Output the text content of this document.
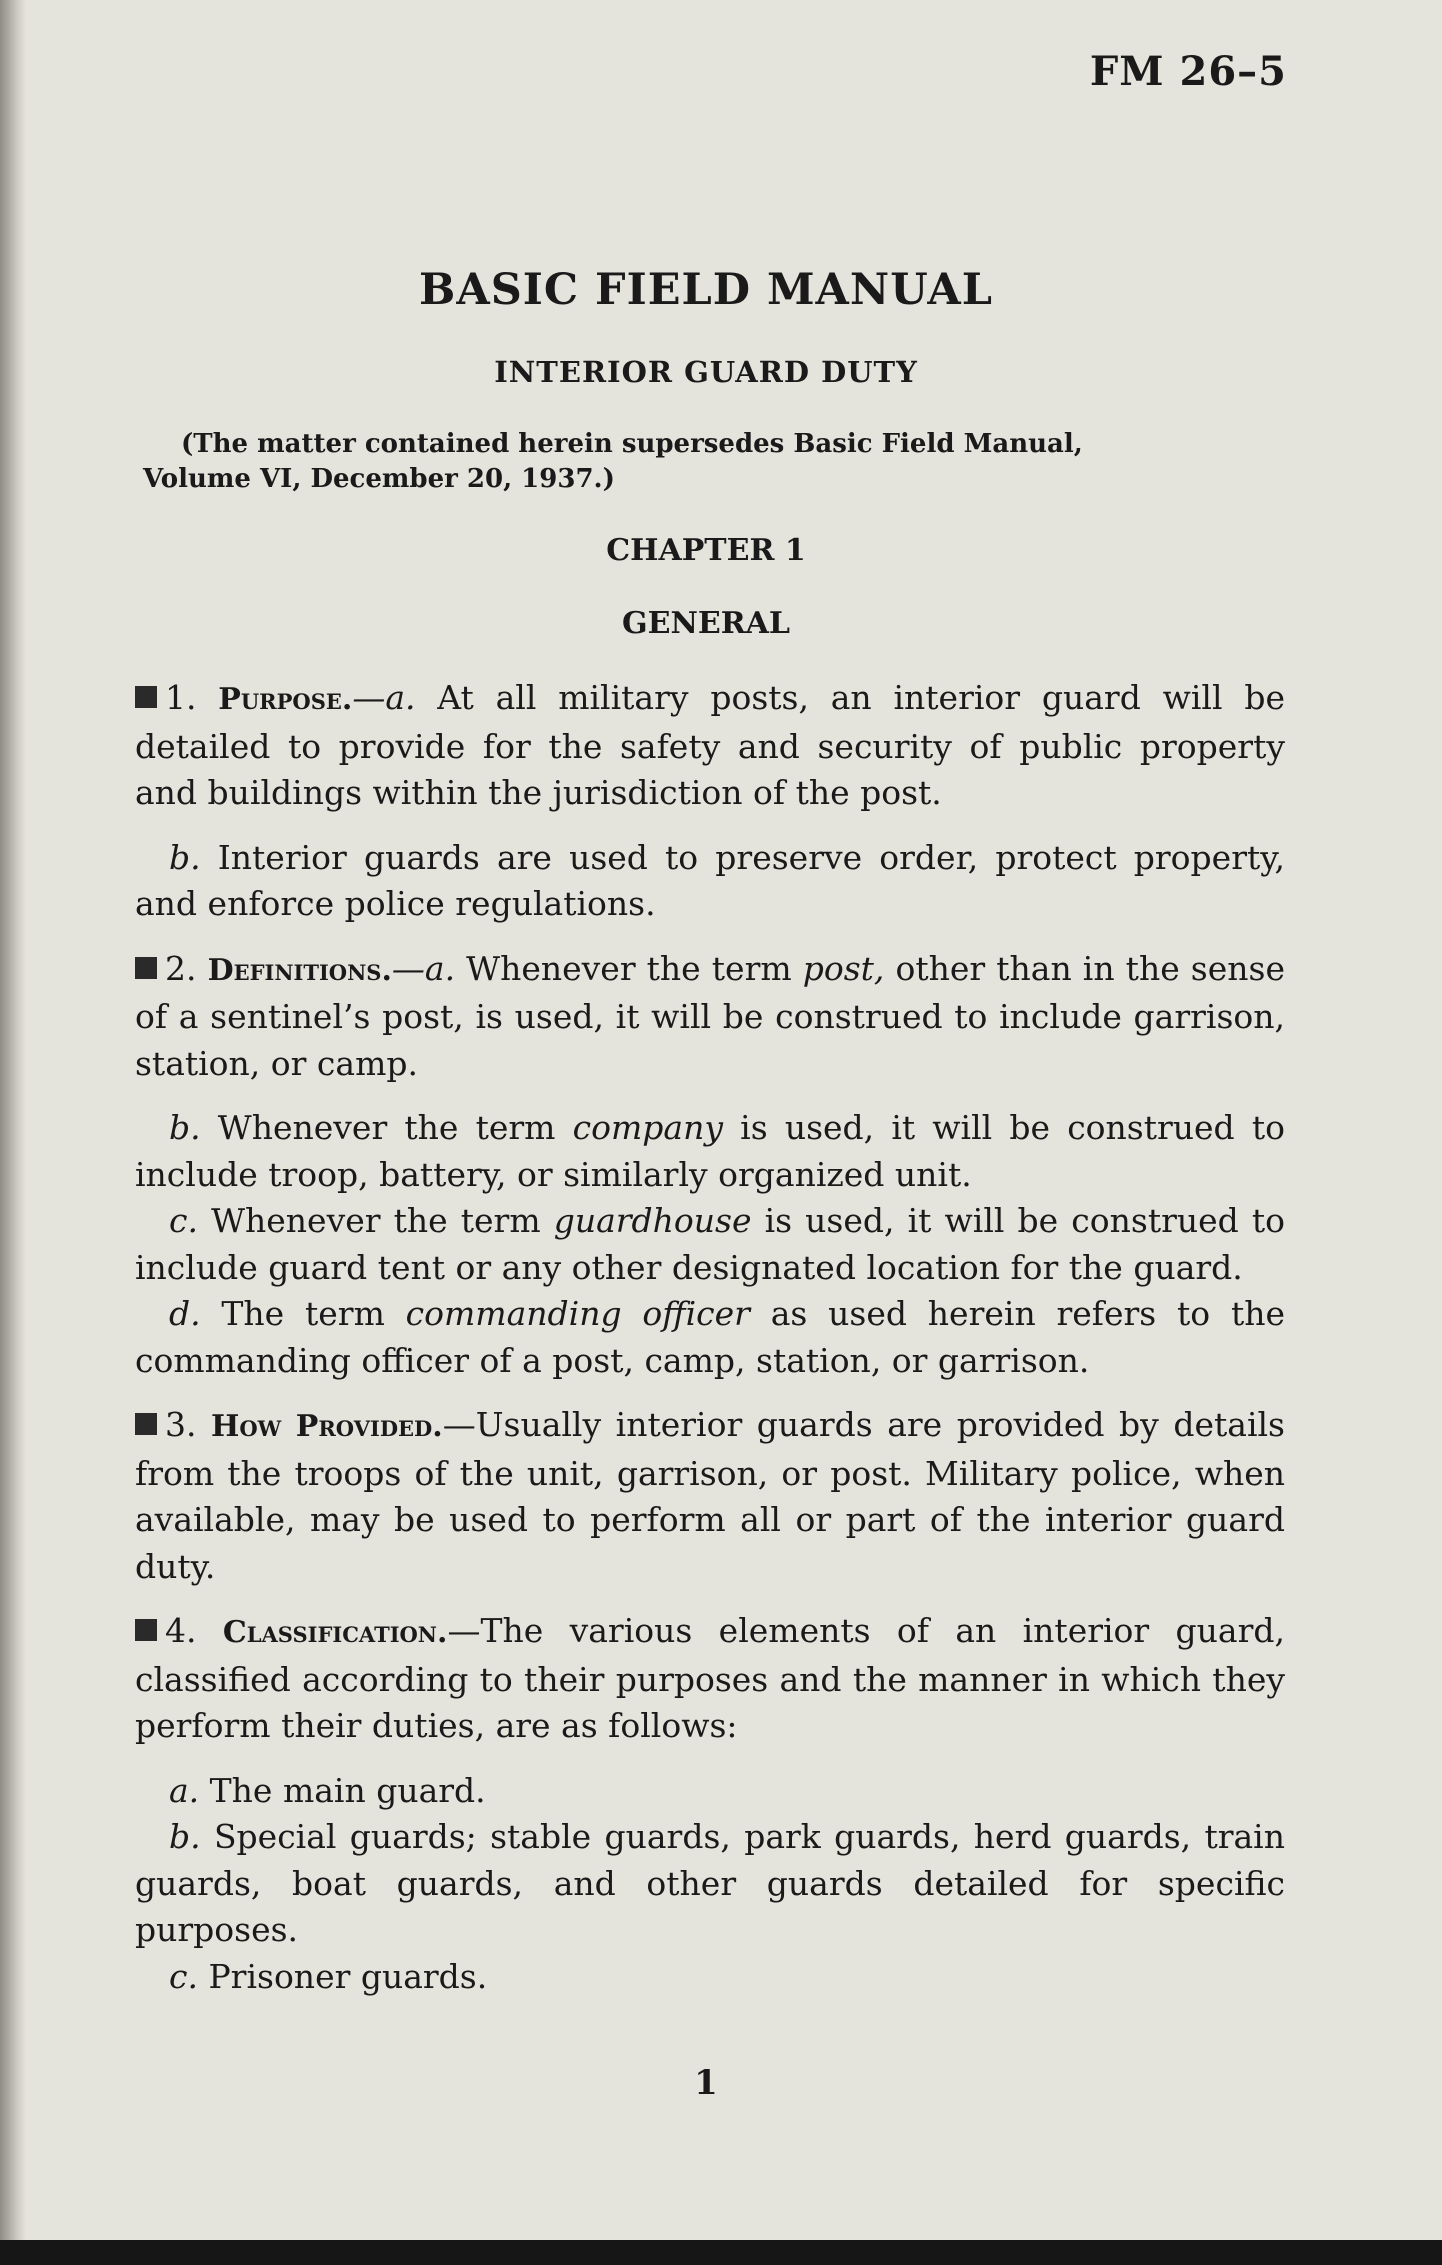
FM 26–5
BASIC FIELD MANUAL
INTERIOR GUARD DUTY
(The matter contained herein supersedes Basic Field Manual,
Volume VI, December 20, 1937.)
CHAPTER 1
GENERAL

1. Purpose.—a. At all military posts, an interior guard will be detailed to provide for the safety and security of public property and buildings within the jurisdiction of the post.

b. Interior guards are used to preserve order, protect property, and enforce police regulations.

2. Definitions.—a. Whenever the term post, other than in the sense of a sentinel’s post, is used, it will be construed to include garrison, station, or camp.

b. Whenever the term company is used, it will be construed to include troop, battery, or similarly organized unit.

c. Whenever the term guardhouse is used, it will be construed to include guard tent or any other designated location for the guard.

d. The term commanding officer as used herein refers to the commanding officer of a post, camp, station, or garrison.

3. How Provided.—Usually interior guards are provided by details from the troops of the unit, garrison, or post. Military police, when available, may be used to perform all or part of the interior guard duty.

4. Classification.—The various elements of an interior guard, classified according to their purposes and the manner in which they perform their duties, are as follows:

a. The main guard.

b. Special guards; stable guards, park guards, herd guards, train guards, boat guards, and other guards detailed for specific purposes.

c. Prisoner guards.

1
